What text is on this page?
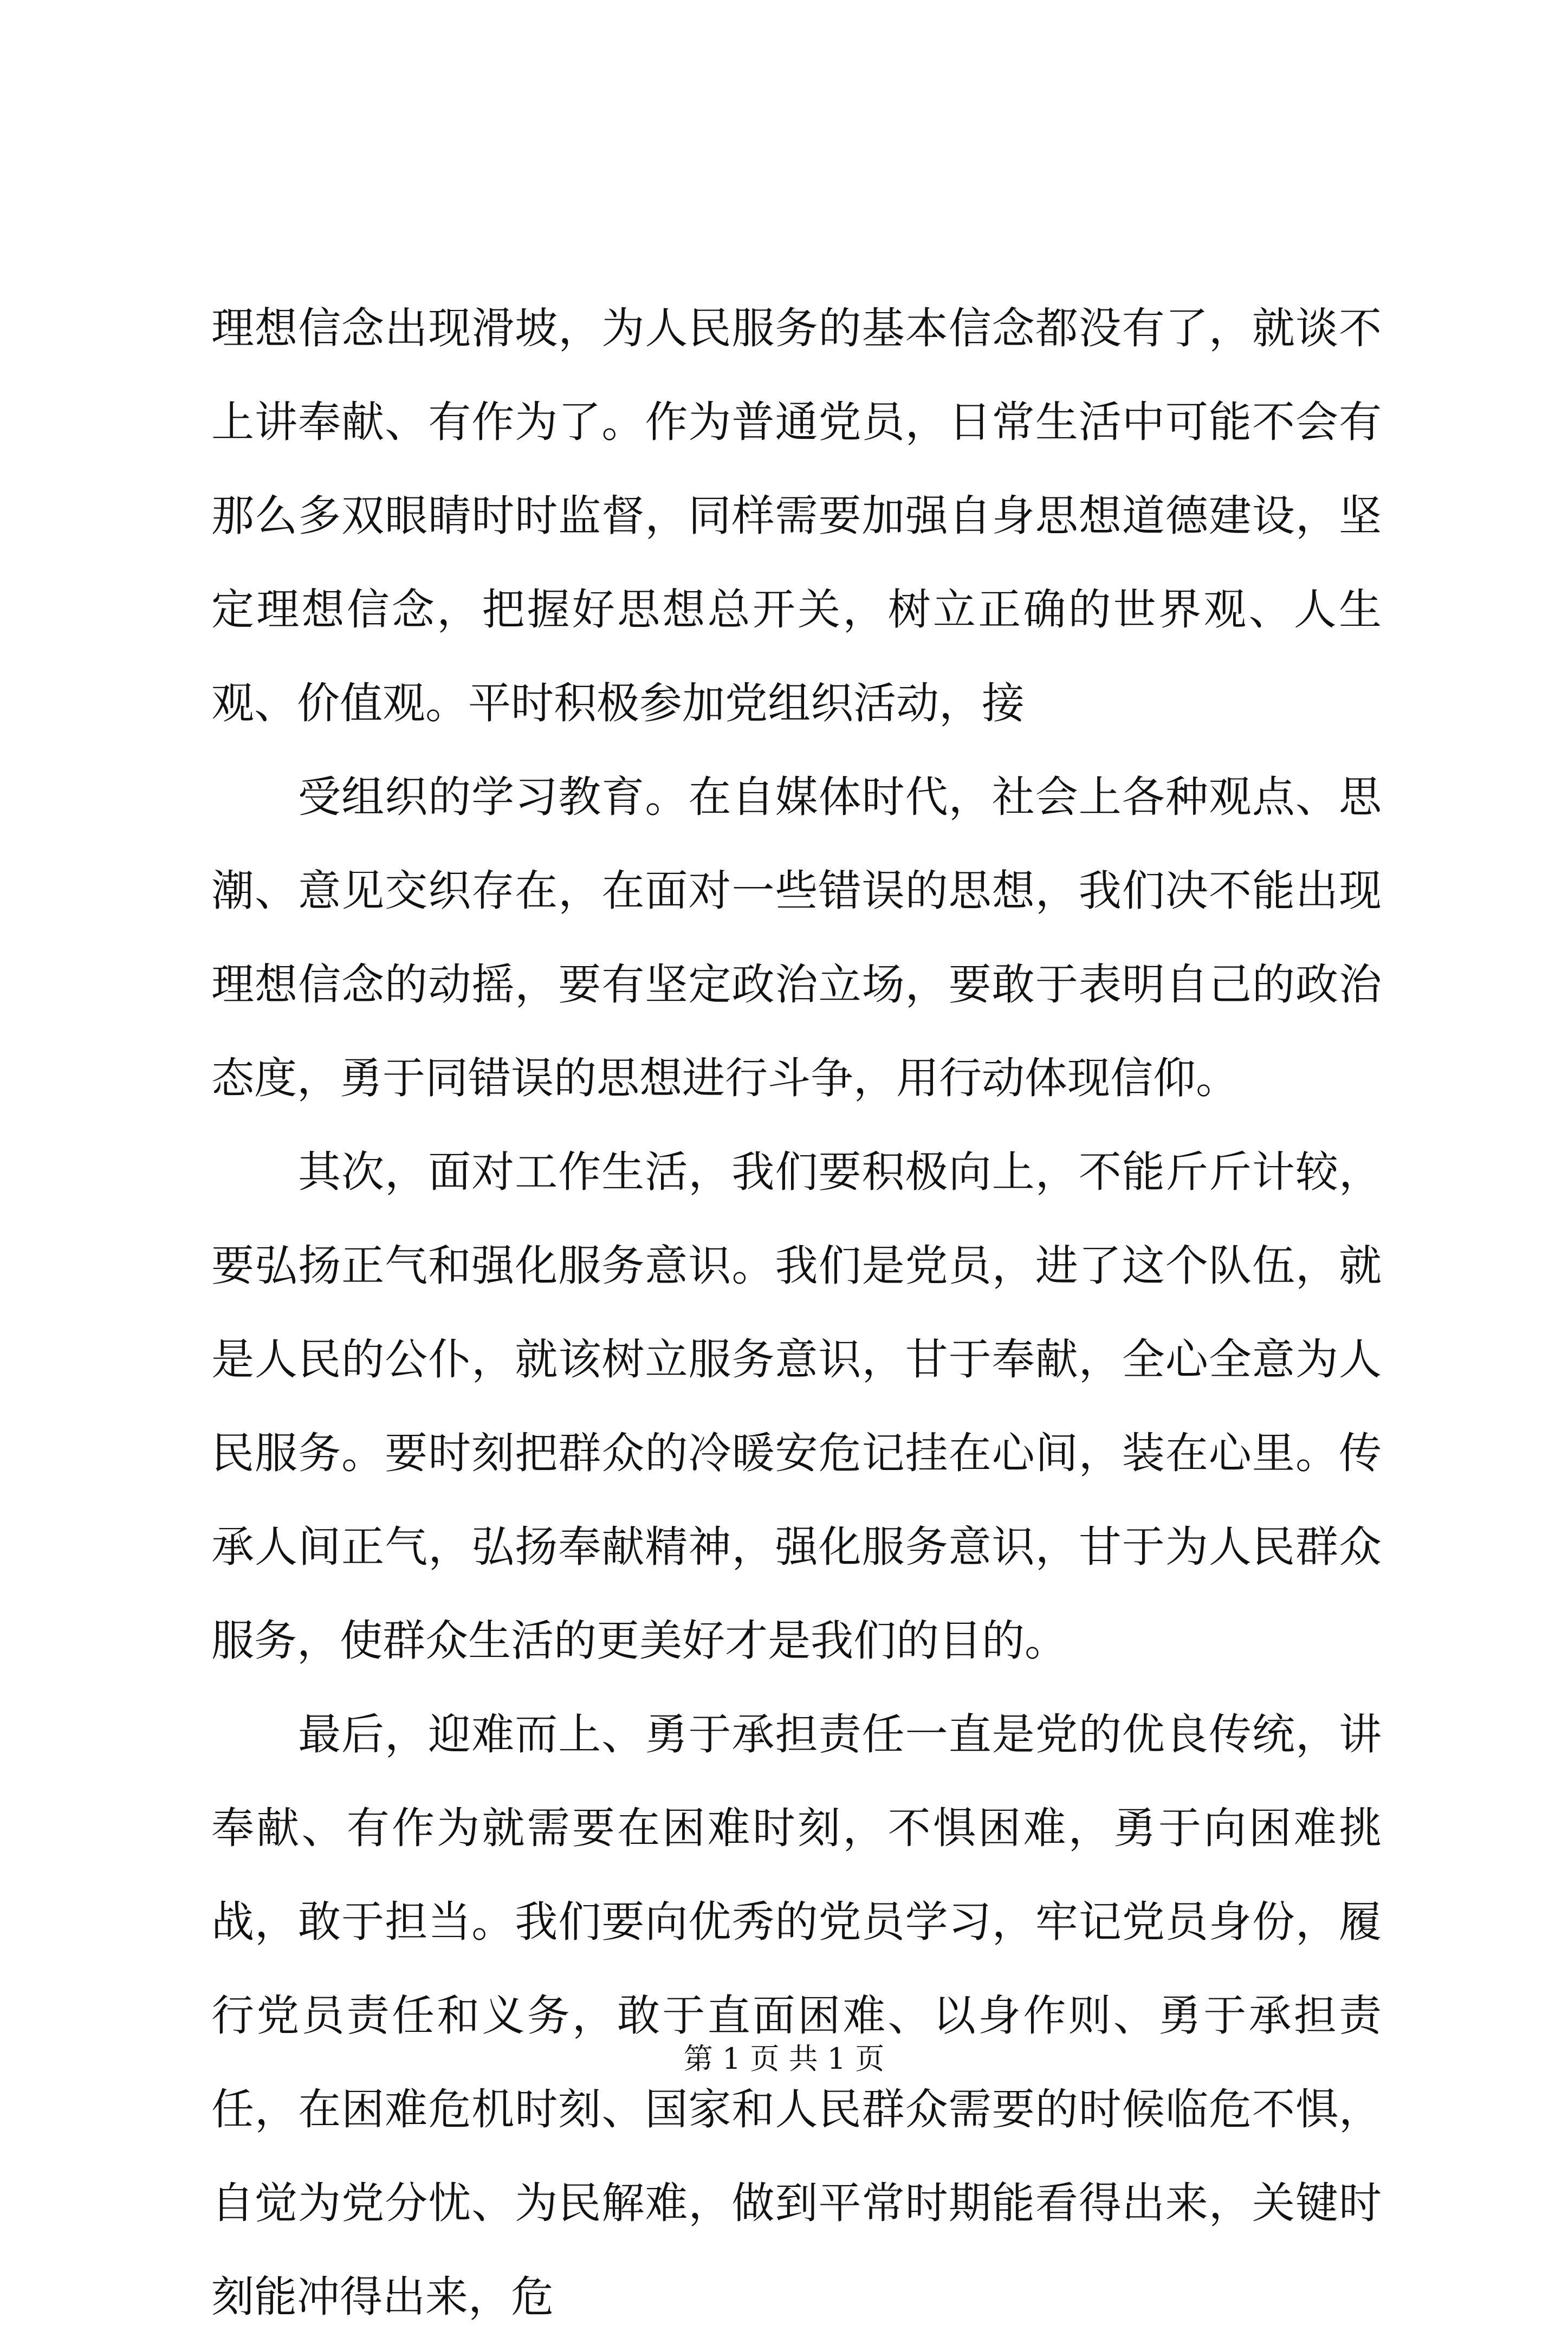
理想信念出现滑坡，为人民服务的基本信念都没有了，就谈不上讲奉献、有作为了。作为普通党员，日常生活中可能不会有那么多双眼睛时时监督，同样需要加强自身思想道德建设，坚定理想信念，把握好思想总开关，树立正确的世界观、人生观、价值观。平时积极参加党组织活动，接

受组织的学习教育。在自媒体时代，社会上各种观点、思潮、意见交织存在，在面对一些错误的思想，我们决不能出现理想信念的动摇，要有坚定政治立场，要敢于表明自己的政治态度，勇于同错误的思想进行斗争，用行动体现信仰。

其次，面对工作生活，我们要积极向上，不能斤斤计较，要弘扬正气和强化服务意识。我们是党员，进了这个队伍，就是人民的公仆，就该树立服务意识，甘于奉献，全心全意为人民服务。要时刻把群众的冷暖安危记挂在心间，装在心里。传承人间正气，弘扬奉献精神，强化服务意识，甘于为人民群众服务，使群众生活的更美好才是我们的目的。

最后，迎难而上、勇于承担责任一直是党的优良传统，讲奉献、有作为就需要在困难时刻，不惧困难，勇于向困难挑战，敢于担当。我们要向优秀的党员学习，牢记党员身份，履行党员责任和义务，敢于直面困难、以身作则、勇于承担责任，在困难危机时刻、国家和人民群众需要的时候临危不惧，自觉为党分忧、为民解难，做到平常时期能看得出来，关键时刻能冲得出来，危

第 1 页 共 1 页
